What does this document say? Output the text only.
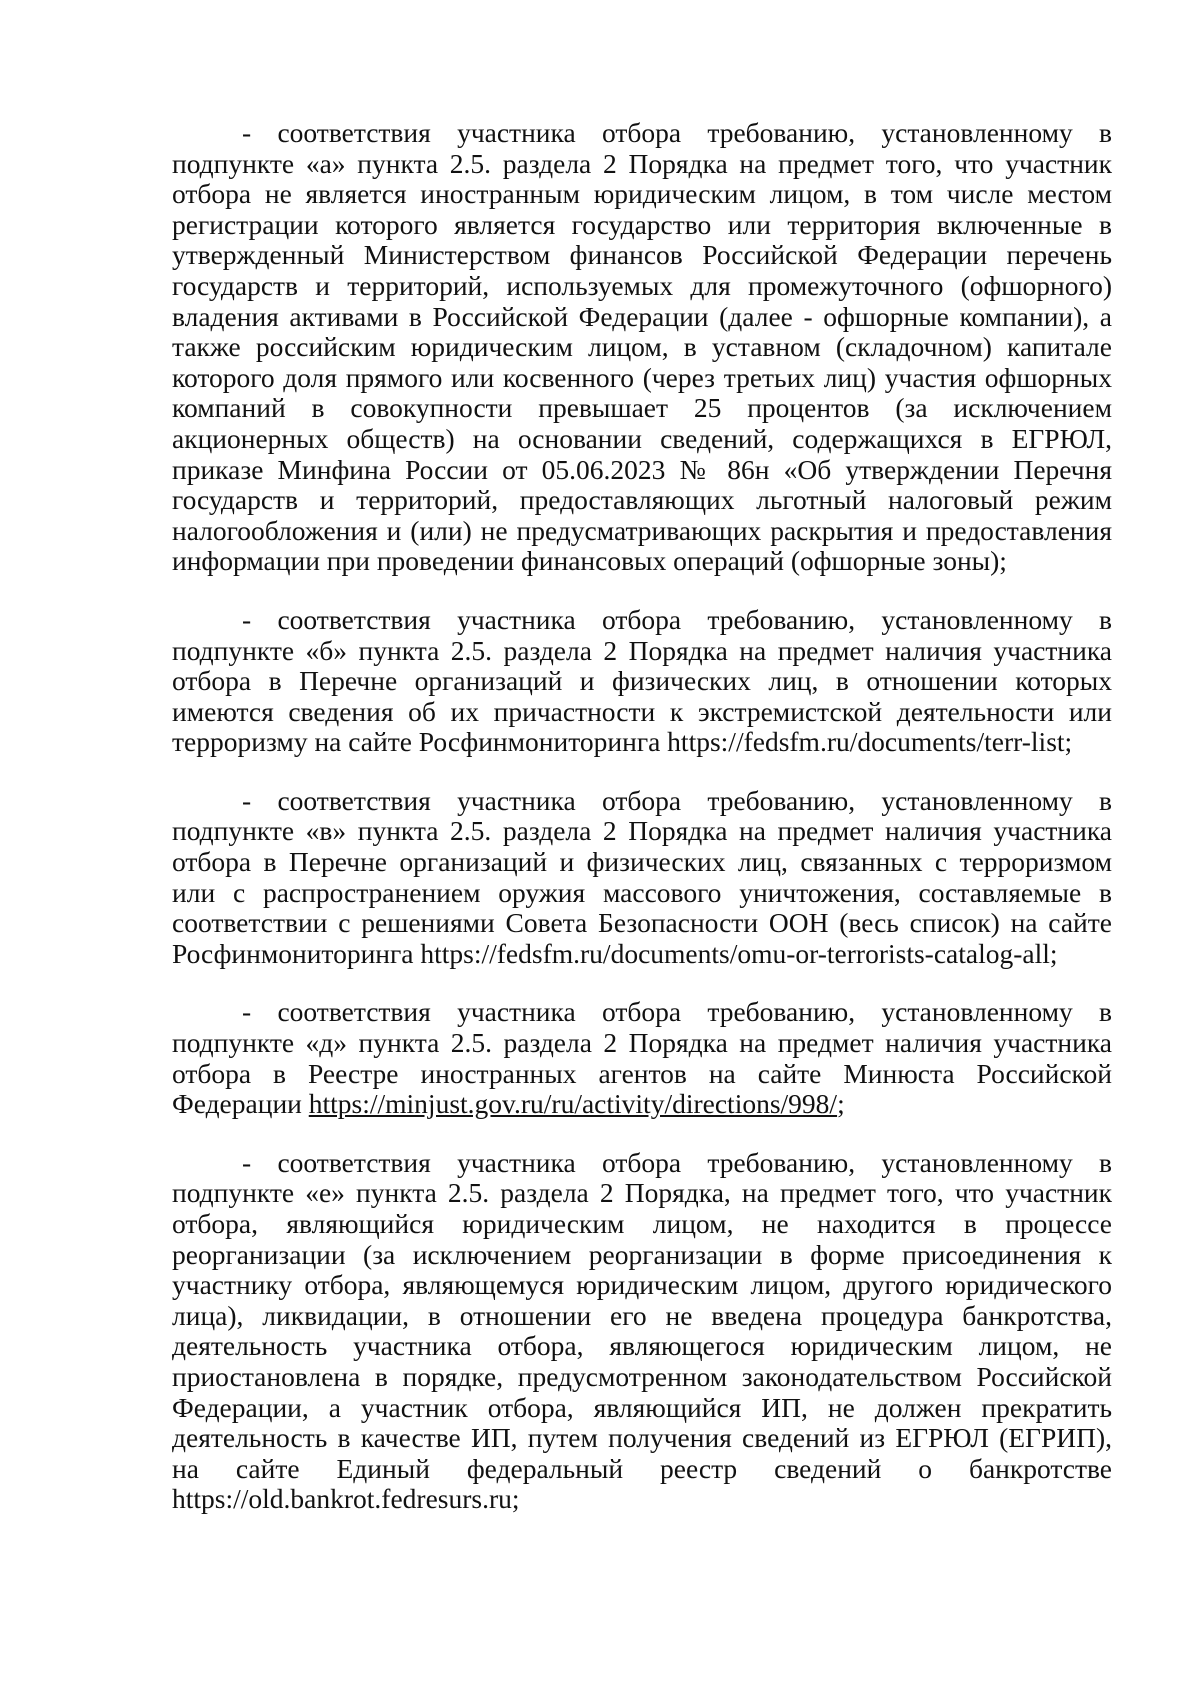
- соответствия участника отбора требованию, установленному в подпункте «а» пункта 2.5. раздела 2 Порядка на предмет того, что участник отбора не является иностранным юридическим лицом, в том числе местом регистрации которого является государство или территория включенные в утвержденный Министерством финансов Российской Федерации перечень государств и территорий, используемых для промежуточного (офшорного) владения активами в Российской Федерации (далее - офшорные компании), а также российским юридическим лицом, в уставном (складочном) капитале которого доля прямого или косвенного (через третьих лиц) участия офшорных компаний в совокупности превышает 25 процентов (за исключением акционерных обществ) на основании сведений, содержащихся в ЕГРЮЛ, приказе Минфина России от 05.06.2023 № 86н «Об утверждении Перечня государств и территорий, предоставляющих льготный налоговый режим налогообложения и (или) не предусматривающих раскрытия и предоставления информации при проведении финансовых операций (офшорные зоны);

- соответствия участника отбора требованию, установленному в подпункте «б» пункта 2.5. раздела 2 Порядка на предмет наличия участника отбора в Перечне организаций и физических лиц, в отношении которых имеются сведения об их причастности к экстремистской деятельности или терроризму на сайте Росфинмониторинга https://fedsfm.ru/documents/terr-list;

- соответствия участника отбора требованию, установленному в подпункте «в» пункта 2.5. раздела 2 Порядка на предмет наличия участника отбора в Перечне организаций и физических лиц, связанных с терроризмом или с распространением оружия массового уничтожения, составляемые в соответствии с решениями Совета Безопасности ООН (весь список) на сайте Росфинмониторинга https://fedsfm.ru/documents/omu-or-terrorists-catalog-all;

- соответствия участника отбора требованию, установленному в подпункте «д» пункта 2.5. раздела 2 Порядка на предмет наличия участника отбора в Реестре иностранных агентов на сайте Минюста Российской Федерации https://minjust.gov.ru/ru/activity/directions/998/;

- соответствия участника отбора требованию, установленному в подпункте «е» пункта 2.5. раздела 2 Порядка, на предмет того, что участник отбора, являющийся юридическим лицом, не находится в процессе реорганизации (за исключением реорганизации в форме присоединения к участнику отбора, являющемуся юридическим лицом, другого юридического лица), ликвидации, в отношении его не введена процедура банкротства, деятельность участника отбора, являющегося юридическим лицом, не приостановлена в порядке, предусмотренном законодательством Российской Федерации, а участник отбора, являющийся ИП, не должен прекратить деятельность в качестве ИП, путем получения сведений из ЕГРЮЛ (ЕГРИП), на сайте Единый федеральный реестр сведений о банкротстве https://old.bankrot.fedresurs.ru;
